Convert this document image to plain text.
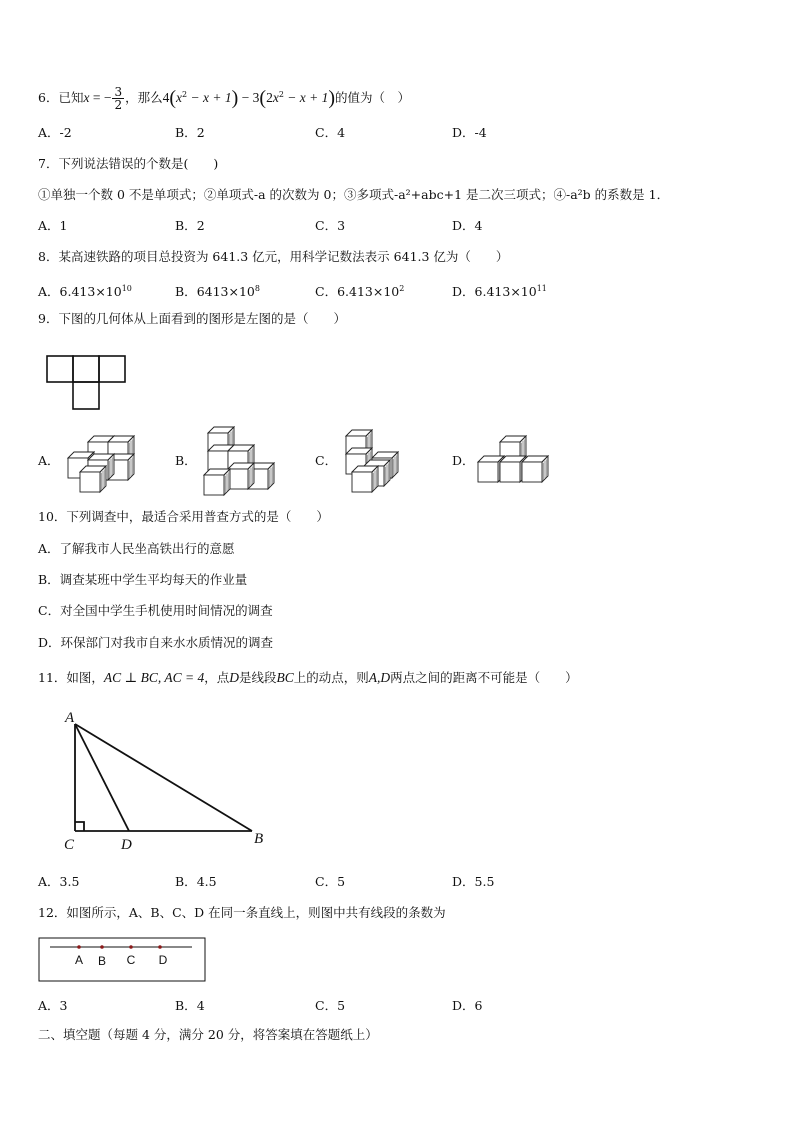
6．已知x = − $\frac{3}{2}$ ，那么$4(x^2 - x + 1) - 3(2x^2 - x + 1)$的值为（　）
A．-2	B．2	C．4	D．-4
7．下列说法错误的个数是(　　)
①单独一个数 0 不是单项式；②单项式-a 的次数为 0；③多项式-a²+abc+1 是二次三项式；④-a²b 的系数是 1．
A．1	B．2	C．3	D．4
8．某高速铁路的项目总投资为 641.3 亿元，用科学记数法表示 641.3 亿为（　　）
A．$6.413\times 10^{10}$	B．$6413\times 10^8$	C．$6.413\times 10^2$	D．$6.413\times 10^{11}$
9．下图的几何体从上面看到的图形是左图的是（　　）
A．	B．	C．	D．
10．下列调查中，最适合采用普查方式的是（　　）
A．了解我市人民坐高铁出行的意愿
B．调查某班中学生平均每天的作业量
C．对全国中学生手机使用时间情况的调查
D．环保部门对我市自来水水质情况的调查
11．如图，AC ⊥ BC, AC = 4，点D是线段BC上的动点，则A,D两点之间的距离不可能是（　　）
A
C	D	B
A．3.5	B．4.5	C．5	D．5.5
12．如图所示，A、B、C、D 在同一条直线上，则图中共有线段的条数为
A B C D
A．3	B．4	C．5	D．6
二、填空题（每题 4 分，满分 20 分，将答案填在答题纸上）
